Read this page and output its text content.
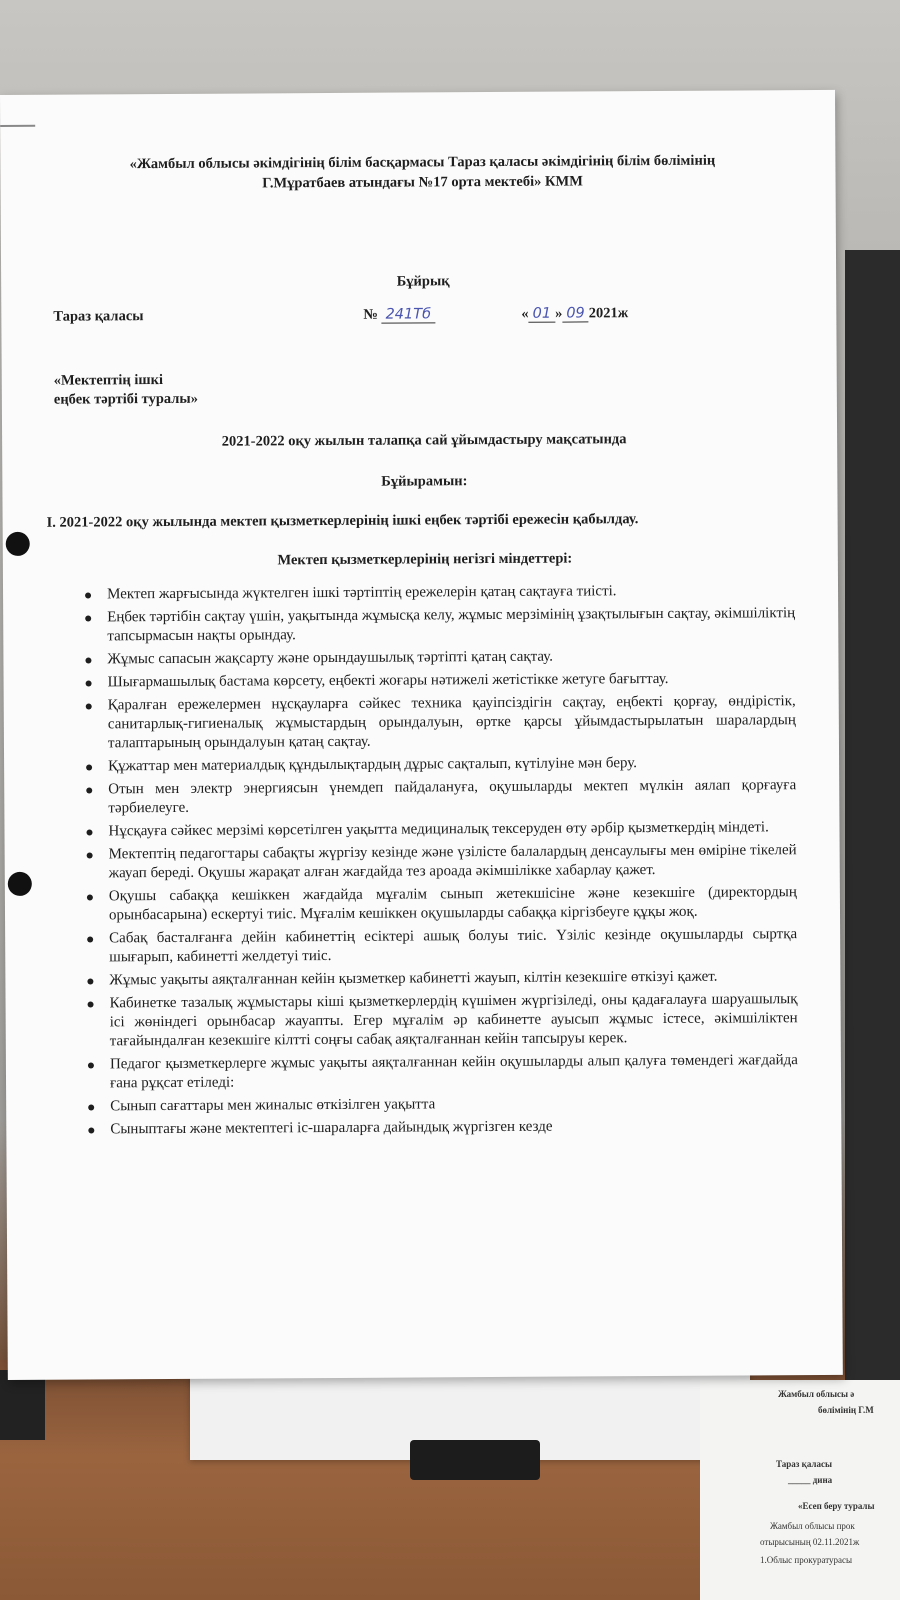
Жамбыл облысы ә
бөлімінің Г.М
Тараз қаласы
_____ дина
«Есеп беру туралы
Жамбыл облысы прок
отырысының 02.11.2021ж
1.Облыс прокуратурасы
«Жамбыл облысы әкімдігінің білім басқармасы Тараз қаласы әкімдігінің білім бөлімінің
Г.Мұратбаев атындағы №17 орта мектебі» КММ
Бұйрық
Тараз қаласы	№ 241Тб	« 01 » 09 2021ж
«Мектептің ішкі
еңбек тәртібі туралы»
2021-2022 оқу жылын талапқа сай ұйымдастыру мақсатында
Бұйырамын:
І. 2021-2022 оқу жылында мектеп қызметкерлерінің ішкі еңбек тәртібі ережесін қабылдау.
Мектеп қызметкерлерінің негізгі міндеттері:
Мектеп жарғысында жүктелген ішкі тәртіптің ережелерін қатаң сақтауға тиісті.
Еңбек тәртібін сақтау үшін, уақытында жұмысқа келу, жұмыс мерзімінің ұзақтылығын сақтау, әкімшіліктің тапсырмасын нақты орындау.
Жұмыс сапасын жақсарту және орындаушылық тәртіпті қатаң сақтау.
Шығармашылық бастама көрсету, еңбекті жоғары нәтижелі жетістікке жетуге бағыттау.
Қаралған ережелермен нұсқауларға сәйкес техника қауіпсіздігін сақтау, еңбекті қорғау, өндірістік, санитарлық-гигиеналық жұмыстардың орындалуын, өртке қарсы ұйымдастырылатын шаралардың талаптарының орындалуын қатаң сақтау.
Құжаттар мен материалдық құндылықтардың дұрыс сақталып, күтілуіне мән беру.
Отын мен электр энергиясын үнемдеп пайдалануға, оқушыларды мектеп мүлкін аялап қорғауға тәрбиелеуге.
Нұсқауға сәйкес мерзімі көрсетілген уақытта медициналық тексеруден өту әрбір қызметкердің міндеті.
Мектептің педагогтары сабақты жүргізу кезінде және үзілісте балалардың денсаулығы мен өміріне тікелей жауап береді. Оқушы жарақат алған жағдайда тез ароада әкімшілікке хабарлау қажет.
Оқушы сабаққа кешіккен жағдайда мұғалім сынып жетекшісіне және кезекшіге (директордың орынбасарына) ескертуі тиіс. Мұғалім кешіккен оқушыларды сабаққа кіргізбеуге құқы жоқ.
Сабақ басталғанға дейін кабинеттің есіктері ашық болуы тиіс. Үзіліс кезінде оқушыларды сыртқа шығарып, кабинетті желдетуі тиіс.
Жұмыс уақыты аяқталғаннан кейін қызметкер кабинетті жауып, кілтін кезекшіге өткізуі қажет.
Кабинетке тазалық жұмыстары кіші қызметкерлердің күшімен жүргізіледі, оны қадағалауға шаруашылық ісі жөніндегі орынбасар жауапты. Егер мұғалім әр кабинетте ауысып жұмыс істесе, әкімшіліктен тағайындалған кезекшіге кілтті соңғы сабақ аяқталғаннан кейін тапсыруы керек.
Педагог қызметкерлерге жұмыс уақыты аяқталғаннан кейін оқушыларды алып қалуға төмендегі жағдайда ғана рұқсат етіледі:
Сынып сағаттары мен жиналыс өткізілген уақытта
Сыныптағы және мектептегі іс-шараларға дайындық жүргізген кезде
